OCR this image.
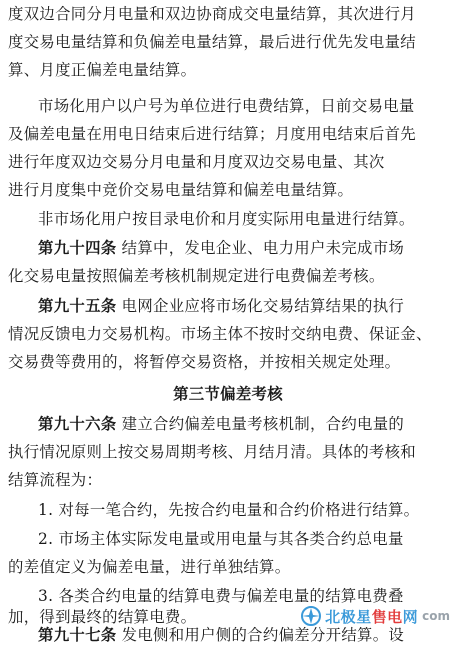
度双边合同分月电量和双边协商成交电量结算，其次进行月
度交易电量结算和负偏差电量结算，最后进行优先发电量结
算、月度正偏差电量结算。
市场化用户以户号为单位进行电费结算，日前交易电量
及偏差电量在用电日结束后进行结算；月度用电结束后首先
进行年度双边交易分月电量和月度双边交易电量、其次
进行月度集中竞价交易电量结算和偏差电量结算。
非市场化用户按目录电价和月度实际用电量进行结算。
第九十四条 结算中，发电企业、电力用户未完成市场
化交易电量按照偏差考核机制规定进行电费偏差考核。
第九十五条 电网企业应将市场化交易结算结果的执行
情况反馈电力交易机构。市场主体不按时交纳电费、保证金、
交易费等费用的，将暂停交易资格，并按相关规定处理。
第三节偏差考核
第九十六条 建立合约偏差电量考核机制，合约电量的
执行情况原则上按交易周期考核、月结月清。具体的考核和
结算流程为：
1. 对每一笔合约，先按合约电量和合约价格进行结算。
2. 市场主体实际发电量或用电量与其各类合约总电量
的差值定义为偏差电量，进行单独结算。
3. 各类合约电量的结算电费与偏差电量的结算电费叠
加，得到最终的结算电费。
第九十七条 发电侧和用户侧的合约偏差分开结算。设
北极星售电网 com
